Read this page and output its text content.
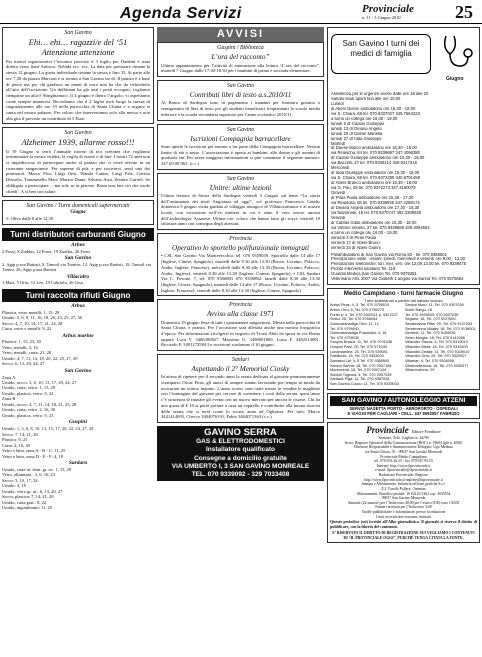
Agenda Servizi	Provinciale
n. 11 - 3 Giugno 2010	25
San Gavino
Ehi… ehi… ragazzi/e del ‘51
Attenzione attenzione
Per motivi organizzativi l’incontro previsto il 3 luglio per Dudenti è stata diretta verso Sant’Antioco, Nebida ecc. ecc. La data per prenotare rimane la stessa 12 giugno. La quota individuale rimane la stessa e fino 35. Si parte alle ore 7,30 da piazza Marconi e si rientra a San Gavino tar di. Il pranzo è a base di pesce ma per chi gradisce un menù di terra non ha che da richiederlo all’atto dell’iscrizione. Un dulltiman ha già tutti i posti occupati, vogliamo riempirne un altro? Sbrighiamoci. Il 4 giugno è dietro l’angolo, vi aspettiamo come sempre numerosi. Ricordiamo che il 2 luglio avrà luogo la messa di ringraziamento alle ore 19 nella parrocchia di Santa Chiara e a seguire si canta nel nostro palazzo. Per coloro che interverranno solo alla messa e non alla gita il previsto un contributo di 5 Euro.
San Gavino
Alzheimer 1939, allarme rosso!!!
Il 19 Giugno si terrà l’annuale ritorno di noi coetanei che vogliamo testimoniare la nostra vitalità, la voglia di essere e di fare. I nostri 72 anni non ci impediscono di partecipare anche al pranzo che ci verrà servito in un ristorante sangavinese. Per saperne di più, e per iscriversi, sentì una dei promotori. Marco Piso, Luigi Orrù, Wanda Cantas, Luigi Faìs, Gavino Dessolis, Tommasello Marr, Marzia Diana, Silvano Atza, Zentiro Gurreli. Se obbligato a partecipare… ma solo se tu piacere. Basta non fare ciò che vuole chiedi’. A si ben con salute.
San Gavino / Turni domenicali supermercati
Giugno
5: Olivo dalle 8 alle 12,30
Turni distributori carburanti Giugno
Arbus
2 Fossi, S.Zuddas, 12 Fossi, 19 Zuddas, 26 Fossi
San Gavino
2. Agip p.zza Battisti, 8, Tamoil via Trentro; 12. Agip p.zza Battisti, 19. Tamoil via Trento, 26, Agip p.zza Battisti
Villacidro
1 Mais, 5 Orrù, 12 Lee, 19 Cabriolu, 26 Gisa
Turni raccolta rifiuti Giugno
Arbus
Plastica, vetro metalli: 1, 15, 29
Umido: 5, 6, 9, 11, 16, 18, 20, 23, 25, 27, 30
Secco: 4, 7, 10, 14, 17, 21, 24, 28
Carta, vetro e metalli: 8, 22
Arbus marine
Plastica: 1, 15, 23, 30
Vetro, metalli, 3, 16
Vetro, metalli, carta: 21, 28
Umido: 4, 7, 11, 14, 18, 20, 22, 25, 27, 29
Secco: 6, 13, 20, 24, 27
San Gavino
Zona A
Umido, secco: 3, 6, 10, 13, 17, 20, 24, 27
Umido, carta, vetro: 1, 15, 29
Umido, plastica, vetro: 8, 22
Zona B
Umido, secco: 4, 7, 11, 14, 18, 21, 25, 28
Umido, carta, vetro: 2, 16, 30
Umido, plastica, vetro: 9, 23
Guspini
Umido: 1, 3, 6, 8, 10, 13, 15, 17, 20, 22, 24, 27, 29
Secco: 7, 14, 21, 28
Plastica: 9, 23
Carta: 2, 16, 30
Vetro e latta, zona A - B - C: 11, 25
Vetro e latta, zona D - E - F: 4, 18
Sardara
Umido, carte ut. dom. gr. ut.: 1, 15, 29
Vetro, alluminio.: 3, 6, 16, 23
Secco: 3, 10, 17, 24
Umido: 4, 18
Umido, vetro gr. ut.: 6, 13, 20, 27
Secco, plastica: 7, 14, 21, 28
Umido, carta grat.: 8, 22
Umido, ingombranti: 11, 25
AVVISI
Guspini / Biblioteca
L’ora del racconto”
Ultimo appuntamento per l’attività di animazione alla lettura “L’ora del racconto”, martedì 7 Giugno dalle 17.30-18.30 per i bambini di prima e seconda elementare.
San Gavino
Contributi libri di testo a.s.2010/11
Al Banco di Sardegna sono in pagamento i mandati per fornitura gratuita o semigratuita di libri di testo per gli studenti beneficiari frequentanti la scuola media inferiore e la scuola secondaria superiore per l’anno scolastico 2010/11.
San Gavino
Iscrizioni Compagnia barracellare
Sono aperte le iscrizioni per entrare a far parte della Compagnia barracellare. Nessun limite di età o sesso. L’associazione è aperta ai bambini, alle donne e gli uomini di qualsiasi età. Per avere maggiori informazioni si può contattare il seguente numero: 347 69 08 963. (c.c.)
San Gavino
Unitre: ultime lezioni
Ultima lezione di Storia della Sardegna venerdì 3 Giugno sul tema “La storia dell’insinuanza dei moti Angioiani ad oggi”, col professor Francesco Cauda; domenica 5 giugno visita guidata al villaggio nuragico di Villanovafranca e al museo locale, con escursione nell’ex miniera in cui è stato il vero tesoro ancora dell’archeologia: Assarese. Ultime ore: coloro che hanno fatto gli scavi; venerdì 10 chiusura anno con consegna degli attestati.
Provincia
Operativo lo sportello polifunzionale immigrati
• CSL San Gavino Via Montevecchio, tel. 070 9358039. Sportello dalle 14 alle 17 (Inglese, Cinese, Spagnolo), martedì dalle 8.30 alle 13.30 (Rosso, Ucraino, Polacco, Arabo, Inglese, Francese), mercoledì dalle 8.30 alle 13.30 (Rosso, Ucraino, Polacco, Arabo, Inglese), venerdì 8.30 alle 13,30 (Inglese, Cinese, Spagnolo). • CSL Sanluri Via C. Pavone, 7, tel. 070 9306881 070 9356882: lunedì dalle 8.30 alle 13.30 (Inglese, Cinese, Spagnolo), martedì dalle 14 alle 17 (Rosso, Ucraino, Polacco, Arabo, Inglese, Francese), venerdì dalle 8.30 alle 13,30 (Inglese, Cinese, Spagnolo)
Provincia
Avviso alla classe 1971
Domenica 19 giugno festa di tutti i quarantenni sangavinesi. Messa nella parrocchia di Santa Chiara, e pranzo. Per l’occasione sarà allestita anche una mostra fotografica d’epoca. Per informazioni rivolgersi in negozio di Troisi Abiti da sposa in via Roma oppure Luca V. 3406300827, Massimo U. 3498691869, Luisa F. 3482314091, Riccardo F. 3491273584 Le iscrizioni scadranno il 10 giugno.
Sanluri
Aspettando il 2° Memorial Ciosky
In attesa di ripetere per il secondo anno la serata dedicata al giovane prematuramente scomparso Oscar Piras, gli amici di sempre stanno lavorando per tempo in modo da assicurare un ottimo impatto. L’anno scorso sono state messe in vendita le magliette con l’immagine del giovane per cercare di contenere i costi della serata, quest’anno c’è sicurezza di iniziare gli eventi con un nuovo mercato per ancora le risorse. Chi ha una quota di € 10 si potrà portare a casa un capitello e contribuire alla buona riuscita della serata che si terrà come lo scorso anno ad Ogliastra. Per info: Marco 3441414693, Checco 3404076191, Fabio 3404071363 (c.c.)
GAVINO SERRA
GAS & ELETTRODOMESTICI
Installatore qualificato
Consegne a domicilio gratuite
VIA UMBERTO I, 3 SAN GAVINO MONREALE
TEL. 070 9339092 - 329 7033408
San Gavino I turni dei medici di famiglia
Giugno
Assistenza per le urgenze anche dalle ore 16 alle 20
Sabato studi aperti fino alle ore 10,00
Lunedì
di Abeni Gianni ambulatorio ore 16,30 - 18,00
via S. Chiara, 68 tel. 070.9337027 349.7664223
a turno un collega ore 16,00 - 19,00
lunedì 6 dr Cadoni Giuseppe
lunedì 13 dr Deiana Angela
lunedì 20 dr Daese Mariella
lunedì 27 dr Idda Giuseppe
Martedì
dr Daese Marco ambulatorio ore 16,30 - 18,00
via Rinaschu, 84 tel. 070.9339697 347.4096380
dr Cadoni Giuseppe ambulatorio ore 15,30 - 18,00
via Baccelli, 27 tel. 070.9336214 328.9317316
Mercoledì
dr Idda Giuseppe ambulatorio ore 15,30 - 18,00
via S. Chiara, 58 tel. 070.9372289 340.8791458
dr Abeni Branco ambulatorio ore 15,30 - 18,00
via G. Pau, 28 tel. 070.9372273 347.4190079
Giovedì
dr Piras Paola ambulatorio ore 15,30 - 17,30
via Rinascita, 65 tel. 070.9339835 347.4258174
dr Deiana Angela ambulatorio ore 17,30 - 18,30
via Nazionale, 15 tel. 070.9370747 392.3308925
Venerdì
dr Cabras Gildo ambulatorio ore 15,30 - 18,00
via Vittorio Veneto, 27 tel. 070.9336869 349.3084594
a turno un collega ore 16,00 - 19,00
venerdì 3 dr Piras Paola
venerdì 17 dr Abeni Bruno
venerdì 24 dr Abeni Gianni
Poliambulatorio di San Gavino via Roma 83 - tel. 070 9368601
Prenotazione visite - esami: lunedì, mercoledì e venerdì ore 8,00 - 12,00
Prenotazioni telefoniche: lun, mer, ven, ore 12,00 13,00 tel. 070 9339475
Pronto intervento sanitario Tel. 118
Guardia Medica San Gavino Tel. 070 9375251
Veterinario ASL 2007 Via Gioberti 1 angolo via Sanna Tel. 070 9375684
Medio Campidano - turni farmacie Giugno
Turni settimanali a partire dal sabato incluso
Arbus Piras: 4, 5, Tel. 070 9758010
Arbus Orrù: 5, Tel. 070 9756273
Furtei p: 4, Tel. 070 9302111 p. 9307227
Sestu: 25, Tel. 070 9766044
Gonnosfanadiga Orrù: 11, 12
Tel. 070 9799041
Gonnosfanadiga Pusceddu: 4, 18
Tel. 070 9799030
Guspini Bratzu: 11, Tel. 070 9701036
Guspini Pani: 25, Tel. 070 971040
Lunamatrona: 25, Tel. 070 939081
Pabillonis: 18, Tel. 070 9353029
Samassi Lai: 4, 5 Tel. 070 9389500
Sanluri Sanna: 18, Tel. 070 9307155
Monteverdi: 18, Tel. 070 9307104
Sanluri Tognoia: 4, Tel. 070 9307039
Sardara Piga: 11, Tel. 070 9387028
San Gavino Cuccu: 11, Tel. 070 9339034
Sanluri Muru: 11, Tel. 070 9307039
Siddi: Bargu: 18
Tel. 070 9939009, 070 9307039
Segariu: 18, Tel. 070 9107600
Serramanna Pitta: 25, Tel. 070 9137003
Serramanna Vidalis: 18, Tel. 070 9138001
Serrenti: 11, Tel. 070 9159035
Setzu Murgia: 18, Tel. 070 9141066
Villacidro Sanna: 4, Tel. 070 9315013
Villacidro Melis: 18, Tel. 070 9332400
Villacidro Zedda: 11, Tel. 070 9319010
Villacidro Orrù: 25, Tel. 070 9320007
Villamar: 4, Tel. 070 9306006
Villanovafranca: 18, Tel. 070 9339377
Villanovaforru: 25
SAN GAVINO / AUTONOLEGGIO ATZENI
SERVIZI NASETTA PORTO - AEROPORTO - OSPEDALI
E VIAGGI PER CAGLIARI • CELL. 347 9092057 FABRIZIO
Provinciale Editore Fondatore
Sezione, Trib. Cagliari n. 44/99
Iscriz. Registro Operatori della Comunicazione (ROC) n. 19604 (già n. 2080)
Direttore Responsabile e Amministratore Delegato: Ugo Medusa
via Santa Chiara, 35 - 09037 San Gavino Monreale
Provinciale Medio Campidano
tel. 070.933.36.35 - fax 070.937.93.53
Internet: http://www.ilprovinciale.it
e-mail: ilprovinciale@ilprovinciale.it
Redazione Provinciale: Registro
http://www.ilprovinciale.it/regione@ilprovinciale.it
Stampa e Allestimento: Industria officine grafiche S.r.l.
Z.I. Tossilo Pollera - Amman
Abbonamenti: Bonifico postale: 10 02120 1362 ccp. 3045554
09037 San Gavino Monreale
Annuale (22 numeri) per l’Italia euro 40,00 per l’estero (UE) euro 130,00
Numeri arretrati per l’Italia euro 3,00
Tariffe pubblicitarie e informazioni presso la redazione
I testi ricevuti non verranno restituiti
Questo periodico (sei) iscritto all’Albo giornalistico. Il giornale si riserva il diritto di pubblicare, con la libertà del contenuto.
E’ RISERVATO IL DIRITTO DI REGISTRAZIONE SUI VEGLIAMO I CONTENUTI DI “IL PROVINCIALE OGGI”, PURCHÉ VENGA CITATA LA FONTE.
